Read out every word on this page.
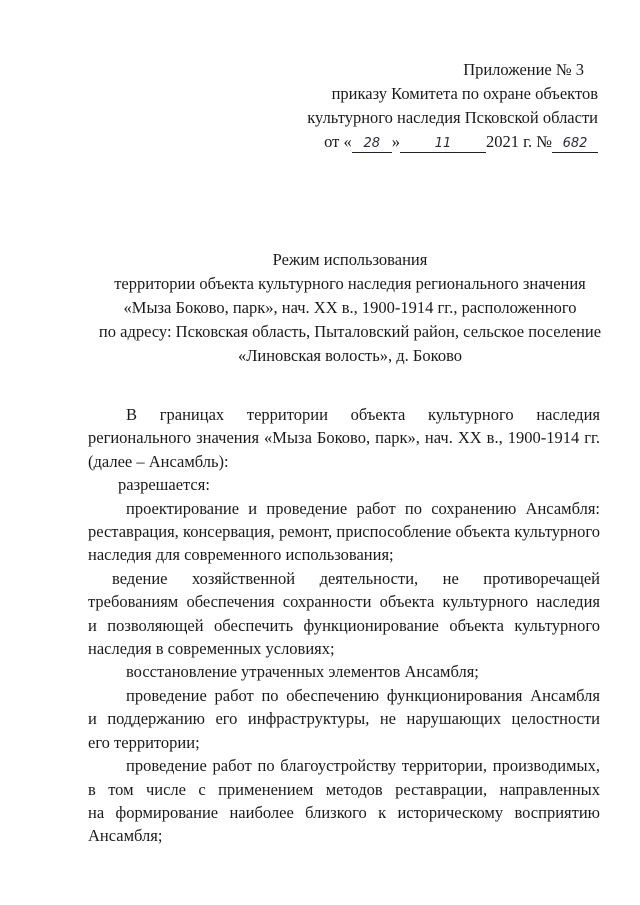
Приложение № 3
приказу Комитета по охране объектов
культурного наследия Псковской области
от « 28 »	11 2021 г. № 682
Режим использования
территории объекта культурного наследия регионального значения
«Мыза Боково, парк», нач. XX в., 1900-1914 гг., расположенного
по адресу: Псковская область, Пыталовский район, сельское поселение
«Линовская волость», д. Боково
В границах территории объекта культурного наследия
регионального значения «Мыза Боково, парк», нач. XX в., 1900-1914 гг.
(далее – Ансамбль):
разрешается:
проектирование и проведение работ по сохранению Ансамбля:
реставрация, консервация, ремонт, приспособление объекта культурного
наследия для современного использования;
ведение хозяйственной деятельности, не противоречащей
требованиям обеспечения сохранности объекта культурного наследия
и позволяющей обеспечить функционирование объекта культурного
наследия в современных условиях;
восстановление утраченных элементов Ансамбля;
проведение работ по обеспечению функционирования Ансамбля
и поддержанию его инфраструктуры, не нарушающих целостности
его территории;
проведение работ по благоустройству территории, производимых,
в том числе с применением методов реставрации, направленных
на формирование наиболее близкого к историческому восприятию
Ансамбля;
